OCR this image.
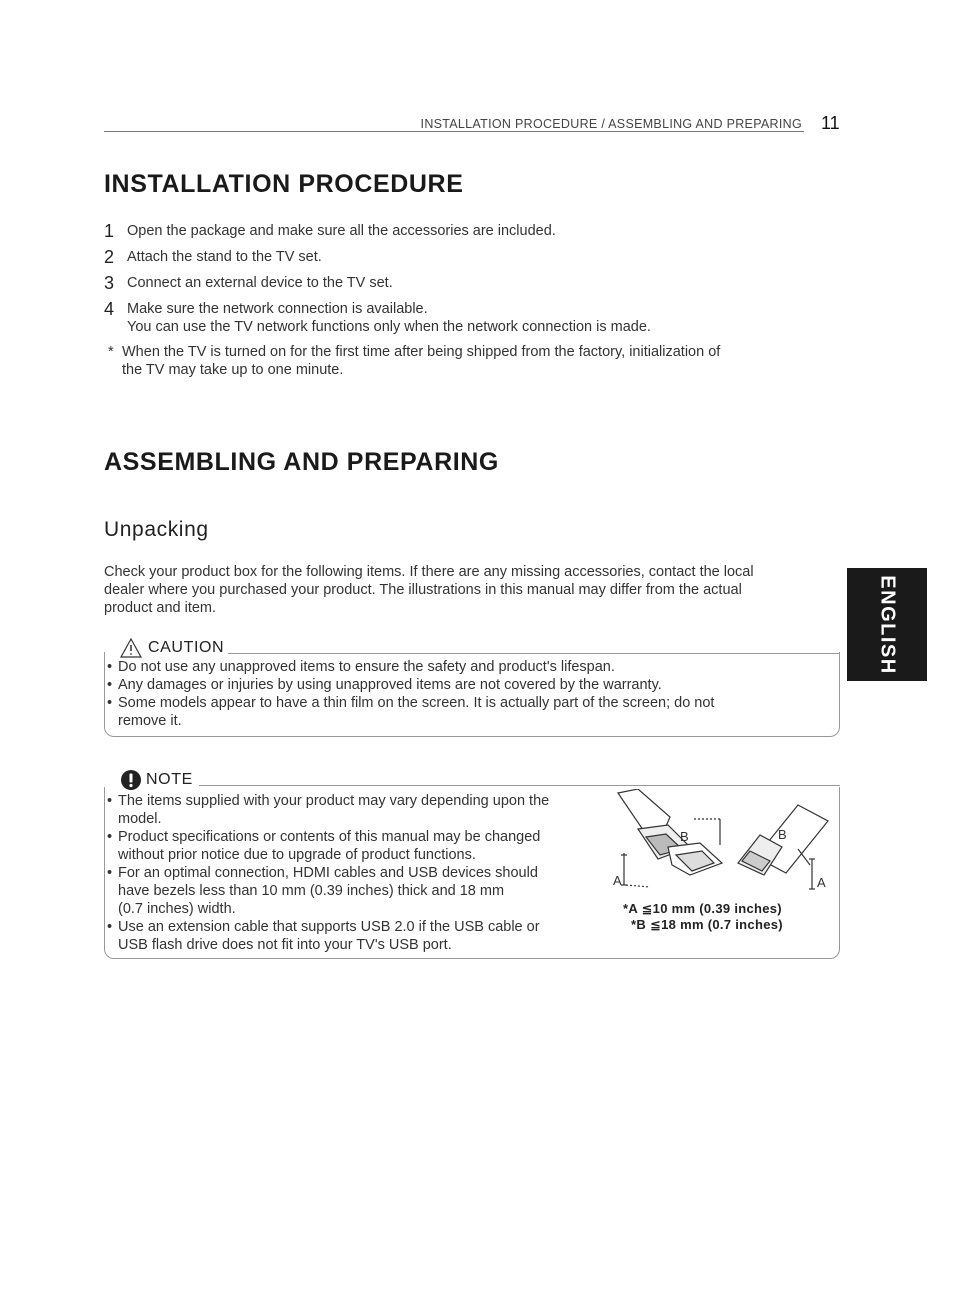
INSTALLATION PROCEDURE / ASSEMBLING AND PREPARING 11
INSTALLATION PROCEDURE
1 Open the package and make sure all the accessories are included.
2 Attach the stand to the TV set.
3 Connect an external device to the TV set.
4 Make sure the network connection is available.
You can use the TV network functions only when the network connection is made.
* When the TV is turned on for the first time after being shipped from the factory, initialization of
the TV may take up to one minute.
ASSEMBLING AND PREPARING
Unpacking
Check your product box for the following items. If there are any missing accessories, contact the local
dealer where you purchased your product. The illustrations in this manual may differ from the actual
product and item.
CAUTION
• Do not use any unapproved items to ensure the safety and product's lifespan.
• Any damages or injuries by using unapproved items are not covered by the warranty.
• Some models appear to have a thin film on the screen. It is actually part of the screen; do not
remove it.
NOTE
• The items supplied with your product may vary depending upon the
model.
• Product specifications or contents of this manual may be changed
without prior notice due to upgrade of product functions.
• For an optimal connection, HDMI cables and USB devices should
have bezels less than 10 mm (0.39 inches) thick and 18 mm
(0.7 inches) width.
• Use an extension cable that supports USB 2.0 if the USB cable or
USB flash drive does not fit into your TV's USB port.
B
A
B
A
*A ≦10 mm (0.39 inches)
*B ≦18 mm (0.7 inches)
ENGLISH
